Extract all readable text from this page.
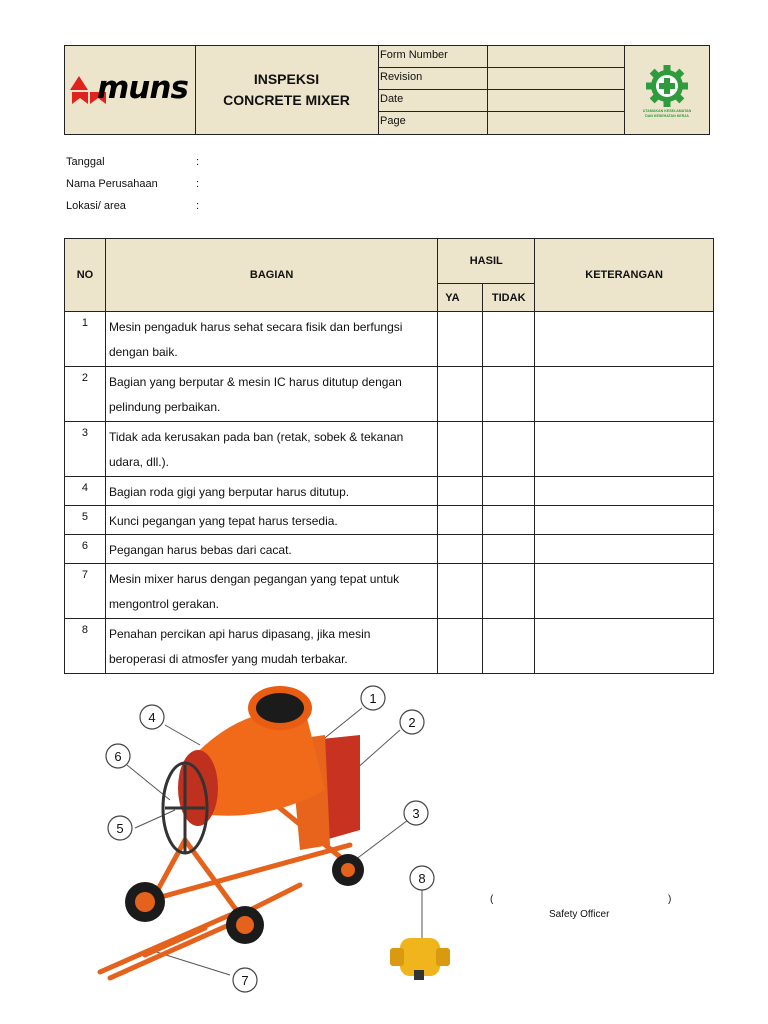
muns	INSPEKSI
CONCRETE MIXER
Form Number
Revision
Date
Page
UTAMAKAN KESELAMATAN
DAN KESEHATAN KERJA
Tanggal	:
Nama Perusahaan	:
Lokasi/ area	:
NO	BAGIAN	HASIL		KETERANGAN
		YA	TIDAK	
1	Mesin pengaduk harus sehat secara fisik dan berfungsi
dengan baik.			
2	Bagian yang berputar & mesin IC harus ditutup dengan
pelindung perbaikan.			
3	Tidak ada kerusakan pada ban (retak, sobek & tekanan
udara, dll.).			
4	Bagian roda gigi yang berputar harus ditutup.			
5	Kunci pegangan yang tepat harus tersedia.			
6	Pegangan harus bebas dari cacat.			
7	Mesin mixer harus dengan pegangan yang tepat untuk
mengontrol gerakan.			
8	Penahan percikan api harus dipasang, jika mesin
beroperasi di atmosfer yang mudah terbakar.			
1
2
3
4
6
5
7
8
(	)
Safety Officer
